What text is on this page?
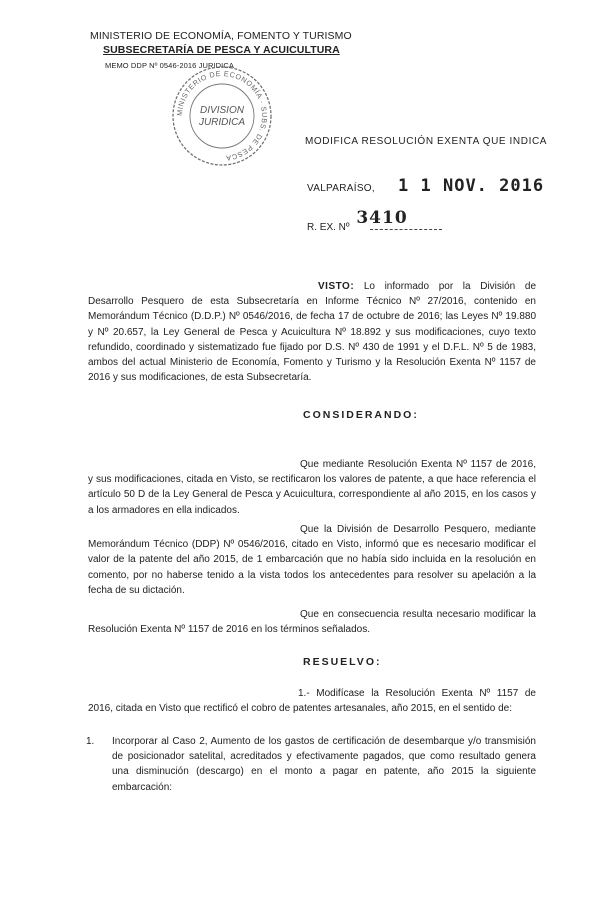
MINISTERIO DE ECONOMÍA, FOMENTO Y TURISMO
SUBSECRETARÍA DE PESCA Y ACUICULTURA
MEMO DDP Nº 0546-2016 JURIDICA
MINISTERIO DE ECONOMÍA · SUBS. DE PESCA
DIVISION
JURIDICA
MODIFICA RESOLUCIÓN EXENTA QUE INDICA
VALPARAÍSO, 1 1 NOV. 2016
R. EX. Nº 3410

VISTO: Lo informado por la División de Desarrollo Pesquero de esta Subsecretaría en Informe Técnico Nº 27/2016, contenido en Memorándum Técnico (D.D.P.) Nº 0546/2016, de fecha 17 de octubre de 2016; las Leyes Nº 19.880 y Nº 20.657, la Ley General de Pesca y Acuicultura Nº 18.892 y sus modificaciones, cuyo texto refundido, coordinado y sistematizado fue fijado por D.S. Nº 430 de 1991 y el D.F.L. Nº 5 de 1983, ambos del actual Ministerio de Economía, Fomento y Turismo y la Resolución Exenta Nº 1157 de 2016 y sus modificaciones, de esta Subsecretaría.

CONSIDERANDO:

Que mediante Resolución Exenta Nº 1157 de 2016, y sus modificaciones, citada en Visto, se rectificaron los valores de patente, a que hace referencia el artículo 50 D de la Ley General de Pesca y Acuicultura, correspondiente al año 2015, en los casos y a los armadores en ella indicados.

Que la División de Desarrollo Pesquero, mediante Memorándum Técnico (DDP) Nº 0546/2016, citado en Visto, informó que es necesario modificar el valor de la patente del año 2015, de 1 embarcación que no había sido incluida en la resolución en comento, por no haberse tenido a la vista todos los antecedentes para resolver su apelación a la fecha de su dictación.

Que en consecuencia resulta necesario modificar la Resolución Exenta Nº 1157 de 2016 en los términos señalados.

RESUELVO:

1.- Modifícase la Resolución Exenta Nº 1157 de 2016, citada en Visto que rectificó el cobro de patentes artesanales, año 2015, en el sentido de:

1. Incorporar al Caso 2, Aumento de los gastos de certificación de desembarque y/o transmisión de posicionador satelital, acreditados y efectivamente pagados, que como resultado genera una disminución (descargo) en el monto a pagar en patente, año 2015 la siguiente embarcación:
